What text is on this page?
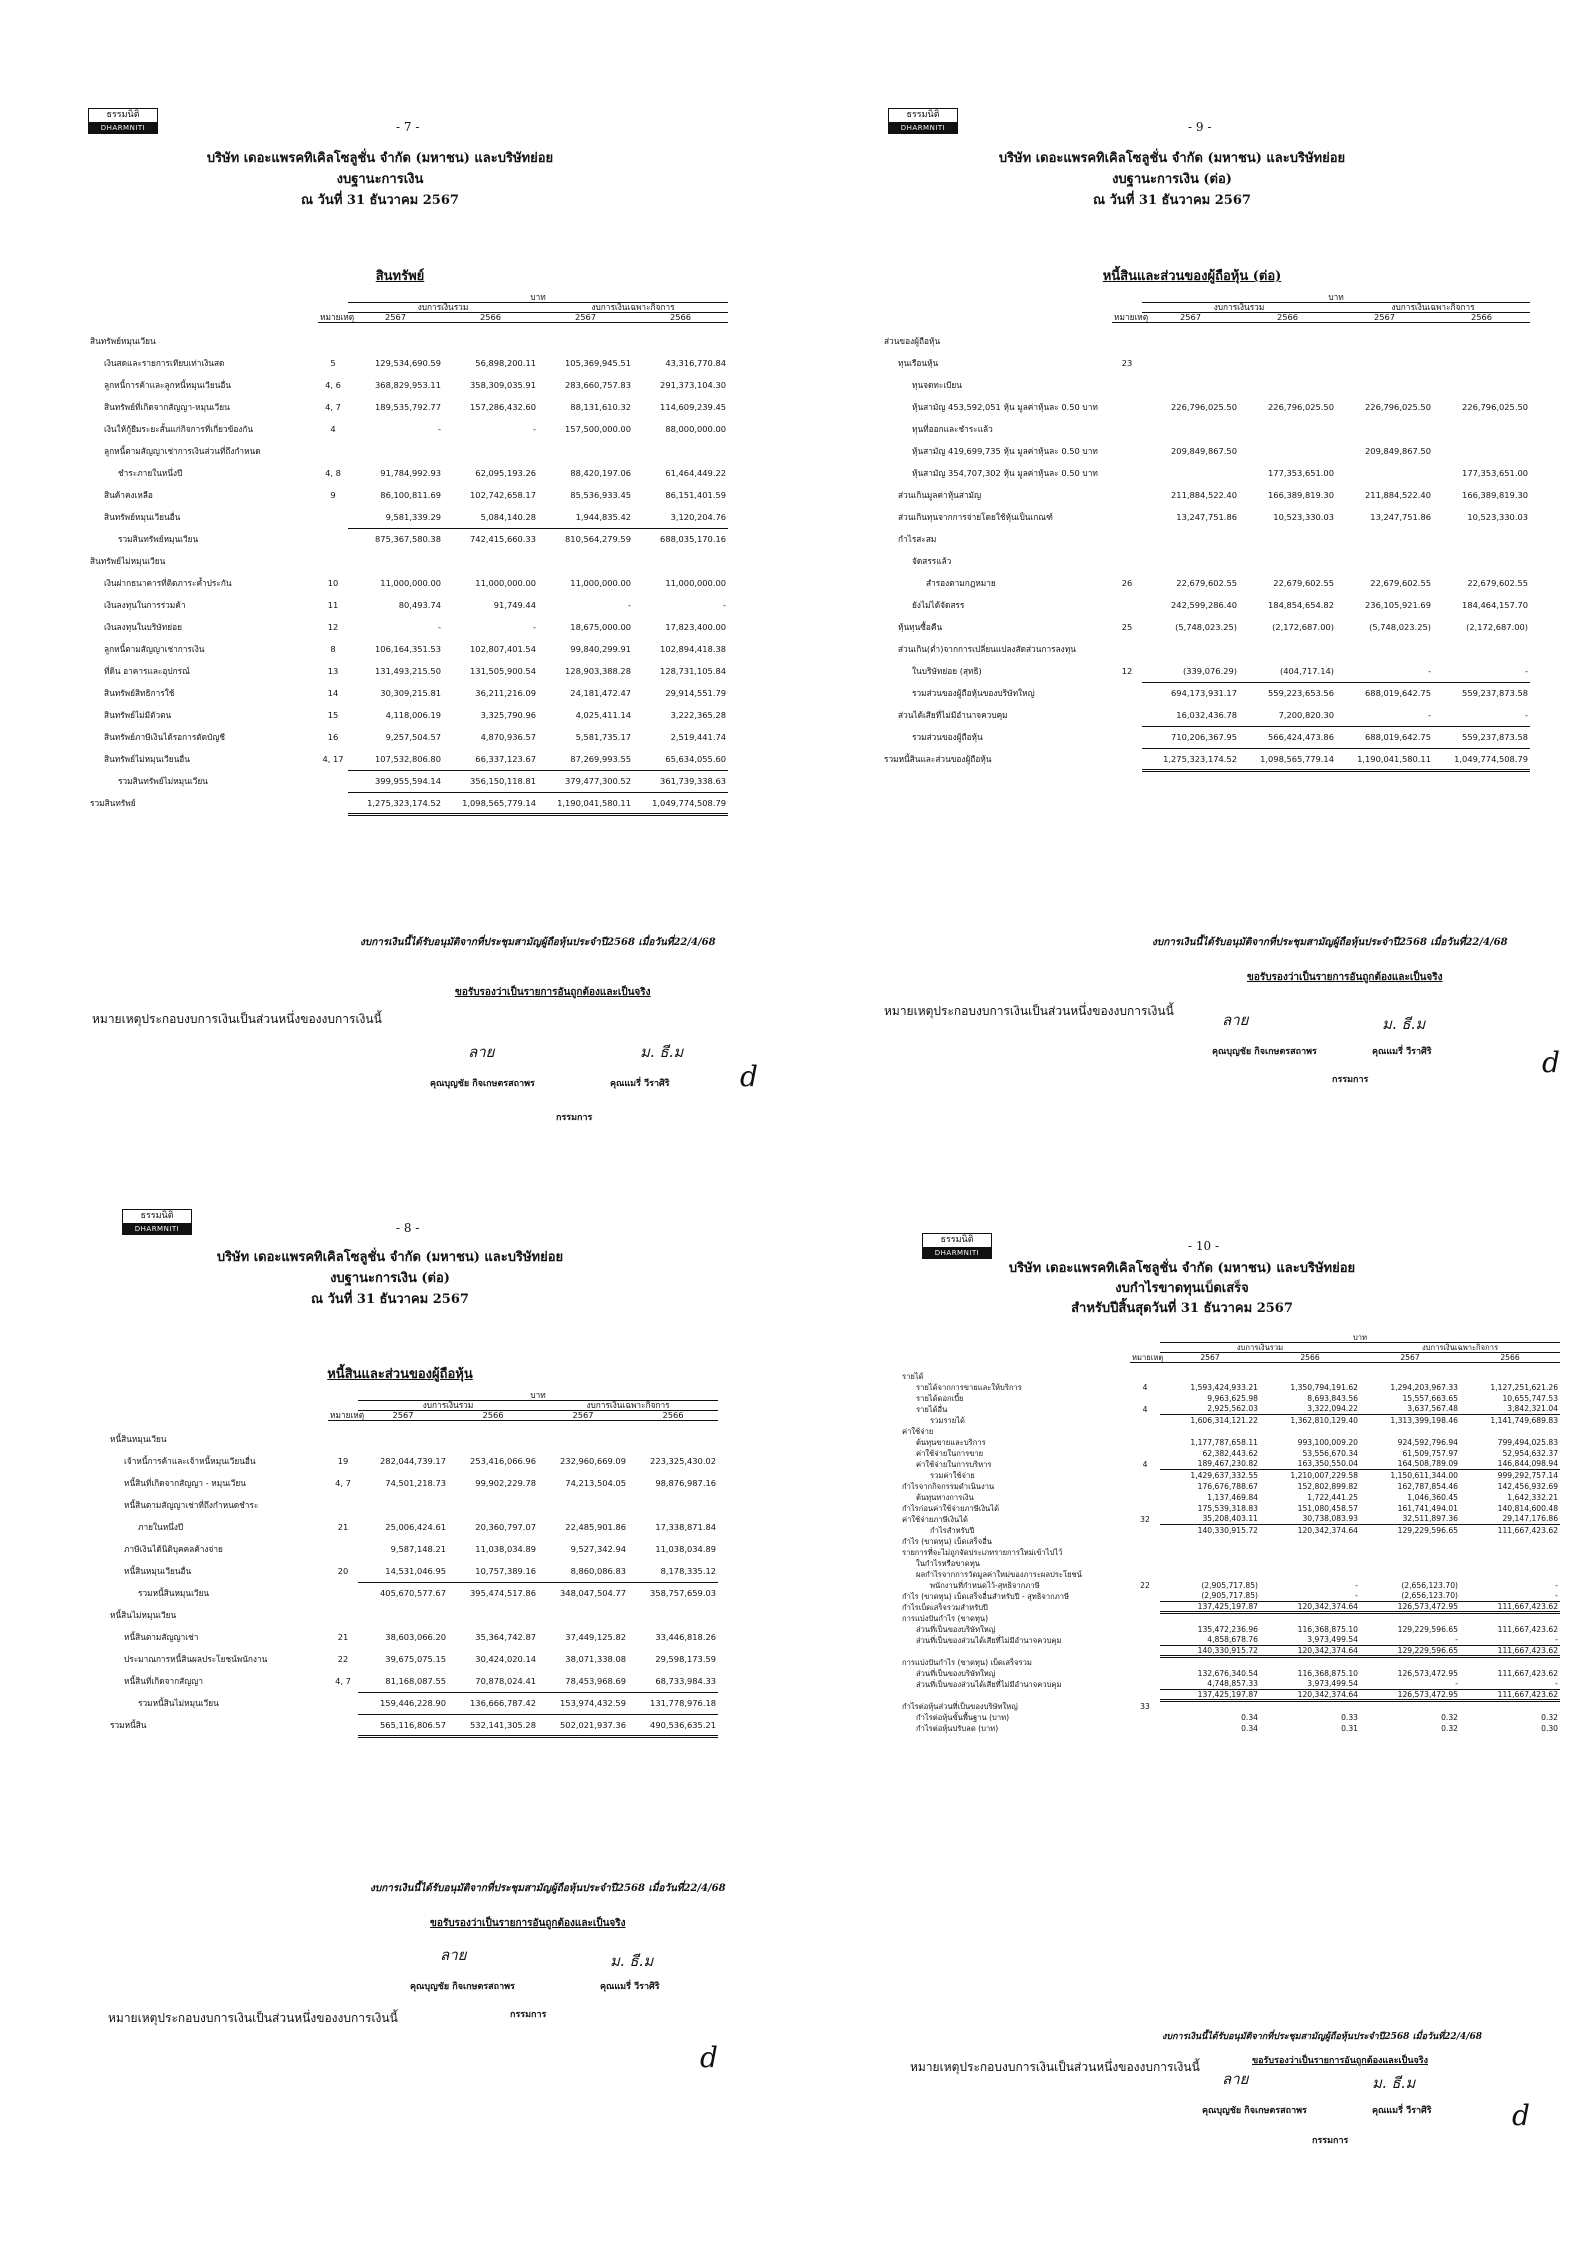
ธรรมนิติ
DHARMNITI	- 7 -
บริษัท เดอะแพรคทิเคิลโซลูชั่น จำกัด (มหาชน) และบริษัทย่อย
งบฐานะการเงิน
ณ วันที่ 31 ธันวาคม 2567
สินทรัพย์
		บาท			
		งบการเงินรวม		งบการเงินเฉพาะกิจการ	
	หมายเหตุ	2567	2566	2567	2566

สินทรัพย์หมุนเวียน					
เงินสดและรายการเทียบเท่าเงินสด	5	129,534,690.59	56,898,200.11	105,369,945.51	43,316,770.84
ลูกหนี้การค้าและลูกหนี้หมุนเวียนอื่น	4, 6	368,829,953.11	358,309,035.91	283,660,757.83	291,373,104.30
สินทรัพย์ที่เกิดจากสัญญา-หมุนเวียน	4, 7	189,535,792.77	157,286,432.60	88,131,610.32	114,609,239.45
เงินให้กู้ยืมระยะสั้นแก่กิจการที่เกี่ยวข้องกัน	4	-	-	157,500,000.00	88,000,000.00
ลูกหนี้ตามสัญญาเช่าการเงินส่วนที่ถึงกำหนด					
ชำระภายในหนึ่งปี	4, 8	91,784,992.93	62,095,193.26	88,420,197.06	61,464,449.22
สินค้าคงเหลือ	9	86,100,811.69	102,742,658.17	85,536,933.45	86,151,401.59
สินทรัพย์หมุนเวียนอื่น		9,581,339.29	5,084,140.28	1,944,835.42	3,120,204.76
รวมสินทรัพย์หมุนเวียน		875,367,580.38	742,415,660.33	810,564,279.59	688,035,170.16
สินทรัพย์ไม่หมุนเวียน					
เงินฝากธนาคารที่ติดภาระค้ำประกัน	10	11,000,000.00	11,000,000.00	11,000,000.00	11,000,000.00
เงินลงทุนในการร่วมค้า	11	80,493.74	91,749.44	-	-
เงินลงทุนในบริษัทย่อย	12	-	-	18,675,000.00	17,823,400.00
ลูกหนี้ตามสัญญาเช่าการเงิน	8	106,164,351.53	102,807,401.54	99,840,299.91	102,894,418.38
ที่ดิน อาคารและอุปกรณ์	13	131,493,215.50	131,505,900.54	128,903,388.28	128,731,105.84
สินทรัพย์สิทธิการใช้	14	30,309,215.81	36,211,216.09	24,181,472.47	29,914,551.79
สินทรัพย์ไม่มีตัวตน	15	4,118,006.19	3,325,790.96	4,025,411.14	3,222,365.28
สินทรัพย์ภาษีเงินได้รอการตัดบัญชี	16	9,257,504.57	4,870,936.57	5,581,735.17	2,519,441.74
สินทรัพย์ไม่หมุนเวียนอื่น	4, 17	107,532,806.80	66,337,123.67	87,269,993.55	65,634,055.60
รวมสินทรัพย์ไม่หมุนเวียน		399,955,594.14	356,150,118.81	379,477,300.52	361,739,338.63
รวมสินทรัพย์		1,275,323,174.52	1,098,565,779.14	1,190,041,580.11	1,049,774,508.79
งบการเงินนี้ได้รับอนุมัติจากที่ประชุมสามัญผู้ถือหุ้นประจำปี2568 เมื่อวันที่22/4/68
ขอรับรองว่าเป็นรายการอันถูกต้องและเป็นจริง
หมายเหตุประกอบงบการเงินเป็นส่วนหนึ่งของงบการเงินนี้
ลาย	ม. ธี.ม
คุณบุญชัย กิจเกษตรสถาพร	คุณแมรี่ วีราศิริ
กรรมการ
d
ธรรมนิติ
DHARMNITI	- 9 -
บริษัท เดอะแพรคทิเคิลโซลูชั่น จำกัด (มหาชน) และบริษัทย่อย
งบฐานะการเงิน (ต่อ)
ณ วันที่ 31 ธันวาคม 2567
หนี้สินและส่วนของผู้ถือหุ้น (ต่อ)
		บาท			
		งบการเงินรวม		งบการเงินเฉพาะกิจการ	
	หมายเหตุ	2567	2566	2567	2566

ส่วนของผู้ถือหุ้น					
ทุนเรือนหุ้น	23				
ทุนจดทะเบียน					
หุ้นสามัญ 453,592,051 หุ้น มูลค่าหุ้นละ 0.50 บาท		226,796,025.50	226,796,025.50	226,796,025.50	226,796,025.50
ทุนที่ออกและชำระแล้ว					
หุ้นสามัญ 419,699,735 หุ้น มูลค่าหุ้นละ 0.50 บาท		209,849,867.50		209,849,867.50	
หุ้นสามัญ 354,707,302 หุ้น มูลค่าหุ้นละ 0.50 บาท			177,353,651.00		177,353,651.00
ส่วนเกินมูลค่าหุ้นสามัญ		211,884,522.40	166,389,819.30	211,884,522.40	166,389,819.30
ส่วนเกินทุนจากการจ่ายโดยใช้หุ้นเป็นเกณฑ์		13,247,751.86	10,523,330.03	13,247,751.86	10,523,330.03
กำไรสะสม					
จัดสรรแล้ว					
สำรองตามกฎหมาย	26	22,679,602.55	22,679,602.55	22,679,602.55	22,679,602.55
ยังไม่ได้จัดสรร		242,599,286.40	184,854,654.82	236,105,921.69	184,464,157.70
หุ้นทุนซื้อคืน	25	(5,748,023.25)	(2,172,687.00)	(5,748,023.25)	(2,172,687.00)
ส่วนเกิน(ต่ำ)จากการเปลี่ยนแปลงสัดส่วนการลงทุน					
ในบริษัทย่อย (สุทธิ)	12	(339,076.29)	(404,717.14)	-	-
รวมส่วนของผู้ถือหุ้นของบริษัทใหญ่		694,173,931.17	559,223,653.56	688,019,642.75	559,237,873.58
ส่วนได้เสียที่ไม่มีอำนาจควบคุม		16,032,436.78	7,200,820.30	-	-
รวมส่วนของผู้ถือหุ้น		710,206,367.95	566,424,473.86	688,019,642.75	559,237,873.58
รวมหนี้สินและส่วนของผู้ถือหุ้น		1,275,323,174.52	1,098,565,779.14	1,190,041,580.11	1,049,774,508.79
งบการเงินนี้ได้รับอนุมัติจากที่ประชุมสามัญผู้ถือหุ้นประจำปี2568 เมื่อวันที่22/4/68
ขอรับรองว่าเป็นรายการอันถูกต้องและเป็นจริง
หมายเหตุประกอบงบการเงินเป็นส่วนหนึ่งของงบการเงินนี้	ลาย	ม. ธี.ม
คุณบุญชัย กิจเกษตรสถาพร	คุณแมรี่ วีราศิริ
กรรมการ
d
ธรรมนิติ
DHARMNITI	- 8 -
บริษัท เดอะแพรคทิเคิลโซลูชั่น จำกัด (มหาชน) และบริษัทย่อย
งบฐานะการเงิน (ต่อ)
ณ วันที่ 31 ธันวาคม 2567
หนี้สินและส่วนของผู้ถือหุ้น
		บาท			
		งบการเงินรวม		งบการเงินเฉพาะกิจการ	
	หมายเหตุ	2567	2566	2567	2566

หนี้สินหมุนเวียน					
เจ้าหนี้การค้าและเจ้าหนี้หมุนเวียนอื่น	19	282,044,739.17	253,416,066.96	232,960,669.09	223,325,430.02
หนี้สินที่เกิดจากสัญญา - หมุนเวียน	4, 7	74,501,218.73	99,902,229.78	74,213,504.05	98,876,987.16
หนี้สินตามสัญญาเช่าที่ถึงกำหนดชำระ					
ภายในหนึ่งปี	21	25,006,424.61	20,360,797.07	22,485,901.86	17,338,871.84
ภาษีเงินได้นิติบุคคลค้างจ่าย		9,587,148.21	11,038,034.89	9,527,342.94	11,038,034.89
หนี้สินหมุนเวียนอื่น	20	14,531,046.95	10,757,389.16	8,860,086.83	8,178,335.12
รวมหนี้สินหมุนเวียน		405,670,577.67	395,474,517.86	348,047,504.77	358,757,659.03
หนี้สินไม่หมุนเวียน					
หนี้สินตามสัญญาเช่า	21	38,603,066.20	35,364,742.87	37,449,125.82	33,446,818.26
ประมาณการหนี้สินผลประโยชน์พนักงาน	22	39,675,075.15	30,424,020.14	38,071,338.08	29,598,173.59
หนี้สินที่เกิดจากสัญญา	4, 7	81,168,087.55	70,878,024.41	78,453,968.69	68,733,984.33
รวมหนี้สินไม่หมุนเวียน		159,446,228.90	136,666,787.42	153,974,432.59	131,778,976.18
รวมหนี้สิน		565,116,806.57	532,141,305.28	502,021,937.36	490,536,635.21
งบการเงินนี้ได้รับอนุมัติจากที่ประชุมสามัญผู้ถือหุ้นประจำปี2568 เมื่อวันที่22/4/68
ขอรับรองว่าเป็นรายการอันถูกต้องและเป็นจริง
ลาย	ม. ธี.ม
คุณบุญชัย กิจเกษตรสถาพร	คุณแมรี่ วีราศิริ
กรรมการ
หมายเหตุประกอบงบการเงินเป็นส่วนหนึ่งของงบการเงินนี้
d
ธรรมนิติ
DHARMNITI	- 10 -
บริษัท เดอะแพรคทิเคิลโซลูชั่น จำกัด (มหาชน) และบริษัทย่อย
งบกำไรขาดทุนเบ็ดเสร็จ
สำหรับปีสิ้นสุดวันที่ 31 ธันวาคม 2567
		บาท			
		งบการเงินรวม		งบการเงินเฉพาะกิจการ	
	หมายเหตุ	2567	2566	2567	2566

รายได้					
รายได้จากการขายและให้บริการ	4	1,593,424,933.21	1,350,794,191.62	1,294,203,967.33	1,127,251,621.26
รายได้ดอกเบี้ย		9,963,625.98	8,693,843.56	15,557,663.65	10,655,747.53
รายได้อื่น	4	2,925,562.03	3,322,094.22	3,637,567.48	3,842,321.04
รวมรายได้		1,606,314,121.22	1,362,810,129.40	1,313,399,198.46	1,141,749,689.83
ค่าใช้จ่าย					
ต้นทุนขายและบริการ		1,177,787,658.11	993,100,009.20	924,592,796.94	799,494,025.83
ค่าใช้จ่ายในการขาย		62,382,443.62	53,556,670.34	61,509,757.97	52,954,632.37
ค่าใช้จ่ายในการบริหาร	4	189,467,230.82	163,350,550.04	164,508,789.09	146,844,098.94
รวมค่าใช้จ่าย		1,429,637,332.55	1,210,007,229.58	1,150,611,344.00	999,292,757.14
กำไรจากกิจกรรมดำเนินงาน		176,676,788.67	152,802,899.82	162,787,854.46	142,456,932.69
ต้นทุนทางการเงิน		1,137,469.84	1,722,441.25	1,046,360.45	1,642,332.21
กำไรก่อนค่าใช้จ่ายภาษีเงินได้		175,539,318.83	151,080,458.57	161,741,494.01	140,814,600.48
ค่าใช้จ่ายภาษีเงินได้	32	35,208,403.11	30,738,083.93	32,511,897.36	29,147,176.86
กำไรสำหรับปี		140,330,915.72	120,342,374.64	129,229,596.65	111,667,423.62
กำไร (ขาดทุน) เบ็ดเสร็จอื่น					
รายการที่จะไม่ถูกจัดประเภทรายการใหม่เข้าไปไว้					
ในกำไรหรือขาดทุน					
ผลกำไรจากการวัดมูลค่าใหม่ของภาระผลประโยชน์					
พนักงานที่กำหนดไว้-สุทธิจากภาษี	22	(2,905,717.85)	-	(2,656,123.70)	-
กำไร (ขาดทุน) เบ็ดเสร็จอื่นสำหรับปี - สุทธิจากภาษี		(2,905,717.85)	-	(2,656,123.70)	-
กำไรเบ็ดเสร็จรวมสำหรับปี		137,425,197.87	120,342,374.64	126,573,472.95	111,667,423.62
การแบ่งปันกำไร (ขาดทุน)					
ส่วนที่เป็นของบริษัทใหญ่		135,472,236.96	116,368,875.10	129,229,596.65	111,667,423.62
ส่วนที่เป็นของส่วนได้เสียที่ไม่มีอำนาจควบคุม		4,858,678.76	3,973,499.54	-	-
		140,330,915.72	120,342,374.64	129,229,596.65	111,667,423.62
การแบ่งปันกำไร (ขาดทุน) เบ็ดเสร็จรวม					
ส่วนที่เป็นของบริษัทใหญ่		132,676,340.54	116,368,875.10	126,573,472.95	111,667,423.62
ส่วนที่เป็นของส่วนได้เสียที่ไม่มีอำนาจควบคุม		4,748,857.33	3,973,499.54	-	-
		137,425,197.87	120,342,374.64	126,573,472.95	111,667,423.62
กำไรต่อหุ้นส่วนที่เป็นของบริษัทใหญ่	33				
กำไรต่อหุ้นขั้นพื้นฐาน (บาท)		0.34	0.33	0.32	0.32
กำไรต่อหุ้นปรับลด (บาท)		0.34	0.31	0.32	0.30
งบการเงินนี้ได้รับอนุมัติจากที่ประชุมสามัญผู้ถือหุ้นประจำปี2568 เมื่อวันที่22/4/68
ขอรับรองว่าเป็นรายการอันถูกต้องและเป็นจริง
หมายเหตุประกอบงบการเงินเป็นส่วนหนึ่งของงบการเงินนี้
ลาย	ม. ธี.ม
คุณบุญชัย กิจเกษตรสถาพร	คุณแมรี่ วีราศิริ
กรรมการ
d
